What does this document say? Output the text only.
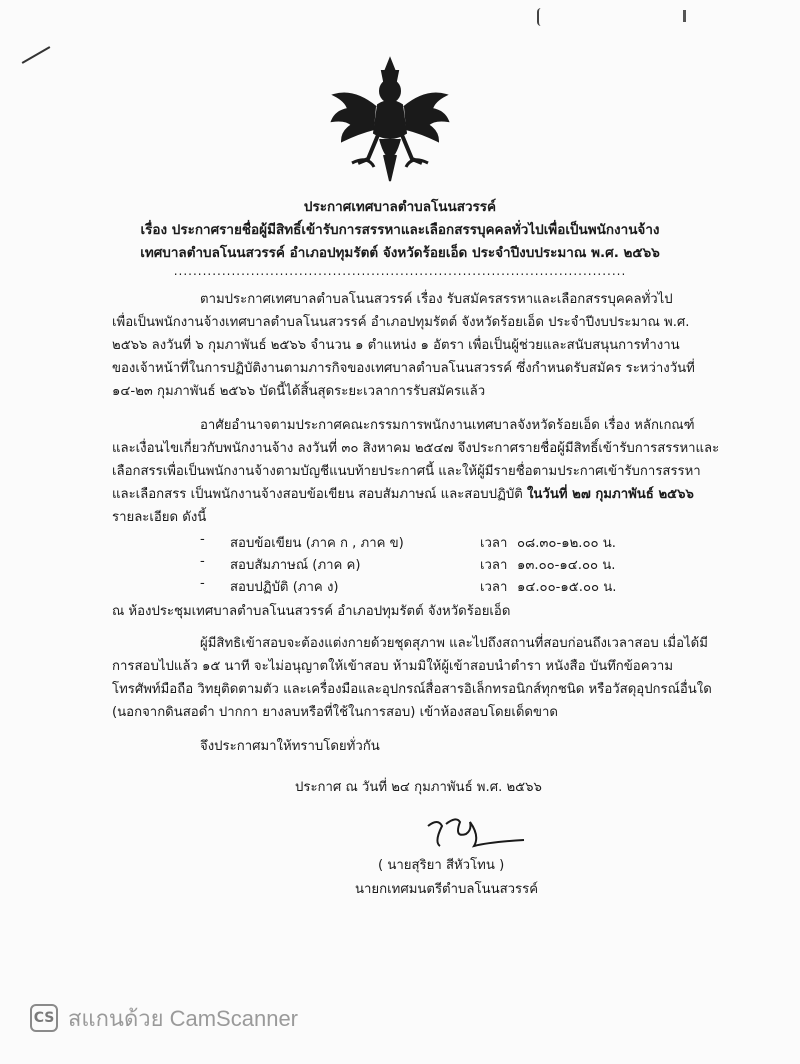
ประกาศเทศบาลตำบลโนนสวรรค์
เรื่อง ประกาศรายชื่อผู้มีสิทธิ์เข้ารับการสรรหาและเลือกสรรบุคคลทั่วไปเพื่อเป็นพนักงานจ้าง
เทศบาลตำบลโนนสวรรค์ อำเภอปทุมรัตต์ จังหวัดร้อยเอ็ด ประจำปีงบประมาณ พ.ศ. ๒๕๖๖
..............................................................................................
ตามประกาศเทศบาลตำบลโนนสวรรค์ เรื่อง รับสมัครสรรหาและเลือกสรรบุคคลทั่วไป
เพื่อเป็นพนักงานจ้างเทศบาลตำบลโนนสวรรค์ อำเภอปทุมรัตต์ จังหวัดร้อยเอ็ด ประจำปีงบประมาณ พ.ศ.
๒๕๖๖ ลงวันที่ ๖ กุมภาพันธ์ ๒๕๖๖ จำนวน ๑ ตำแหน่ง ๑ อัตรา เพื่อเป็นผู้ช่วยและสนับสนุนการทำงาน
ของเจ้าหน้าที่ในการปฏิบัติงานตามภารกิจของเทศบาลตำบลโนนสวรรค์ ซึ่งกำหนดรับสมัคร ระหว่างวันที่
๑๔-๒๓ กุมภาพันธ์ ๒๕๖๖ บัดนี้ได้สิ้นสุดระยะเวลาการรับสมัครแล้ว
อาศัยอำนาจตามประกาศคณะกรรมการพนักงานเทศบาลจังหวัดร้อยเอ็ด เรื่อง หลักเกณฑ์
และเงื่อนไขเกี่ยวกับพนักงานจ้าง ลงวันที่ ๓๐ สิงหาคม ๒๕๔๗ จึงประกาศรายชื่อผู้มีสิทธิ์เข้ารับการสรรหาและ
เลือกสรรเพื่อเป็นพนักงานจ้างตามบัญชีแนบท้ายประกาศนี้ และให้ผู้มีรายชื่อตามประกาศเข้ารับการสรรหา
และเลือกสรร เป็นพนักงานจ้างสอบข้อเขียน สอบสัมภาษณ์ และสอบปฏิบัติ ในวันที่ ๒๗ กุมภาพันธ์ ๒๕๖๖
รายละเอียด ดังนี้
- สอบข้อเขียน (ภาค ก , ภาค ข)	เวลา ๐๘.๓๐-๑๒.๐๐ น.
- สอบสัมภาษณ์ (ภาค ค)	เวลา ๑๓.๐๐-๑๔.๐๐ น.
- สอบปฏิบัติ (ภาค ง)	เวลา ๑๔.๐๐-๑๕.๐๐ น.
ณ ห้องประชุมเทศบาลตำบลโนนสวรรค์ อำเภอปทุมรัตต์ จังหวัดร้อยเอ็ด
ผู้มีสิทธิเข้าสอบจะต้องแต่งกายด้วยชุดสุภาพ และไปถึงสถานที่สอบก่อนถึงเวลาสอบ เมื่อได้มี
การสอบไปแล้ว ๑๕ นาที จะไม่อนุญาตให้เข้าสอบ ห้ามมิให้ผู้เข้าสอบนำตำรา หนังสือ บันทึกข้อความ
โทรศัพท์มือถือ วิทยุติดตามตัว และเครื่องมือและอุปกรณ์สื่อสารอิเล็กทรอนิกส์ทุกชนิด หรือวัสดุอุปกรณ์อื่นใด
(นอกจากดินสอดำ ปากกา ยางลบหรือที่ใช้ในการสอบ) เข้าห้องสอบโดยเด็ดขาด
จึงประกาศมาให้ทราบโดยทั่วกัน
ประกาศ ณ วันที่ ๒๔ กุมภาพันธ์ พ.ศ. ๒๕๖๖
( นายสุริยา สีหัวโทน )
นายกเทศมนตรีตำบลโนนสวรรค์
CS สแกนด้วย CamScanner
